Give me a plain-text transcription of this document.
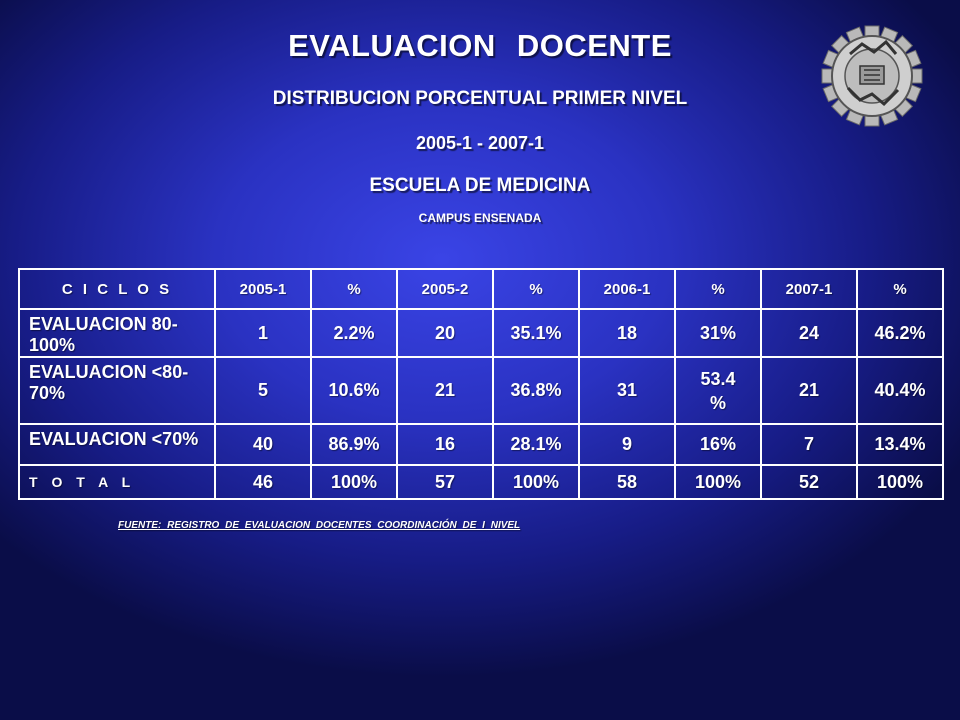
EVALUACION DOCENTE
DISTRIBUCION PORCENTUAL PRIMER NIVEL
2005-1 - 2007-1
ESCUELA DE MEDICINA
CAMPUS ENSENADA
C I C L O S	2005-1	%	2005-2	%	2006-1	%	2007-1	%
EVALUACION 80-100%	1	2.2%	20	35.1%	18	31%	24	46.2%
EVALUACION <80-70%	5	10.6%	21	36.8%	31	53.4 %	21	40.4%
EVALUACION <70%	40	86.9%	16	28.1%	9	16%	7	13.4%
T O T A L	46	100%	57	100%	58	100%	52	100%
FUENTE: REGISTRO DE EVALUACION DOCENTES COORDINACIÓN DE I NIVEL
